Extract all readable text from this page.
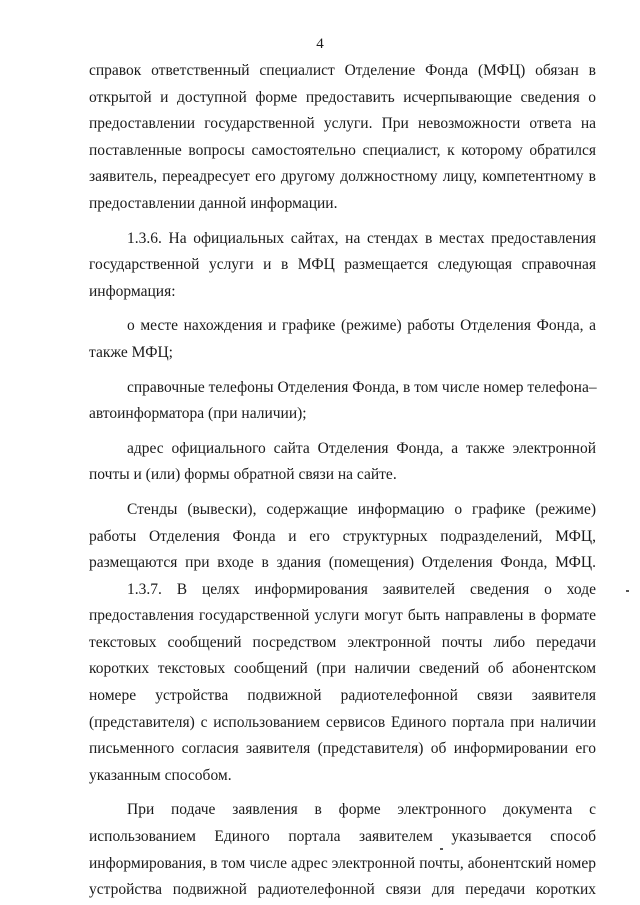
4
справок ответственный специалист Отделение Фонда (МФЦ) обязан в
открытой и доступной форме предоставить исчерпывающие сведения о
предоставлении государственной услуги. При невозможности ответа на
поставленные вопросы самостоятельно специалист, к которому обратился
заявитель, переадресует его другому должностному лицу, компетентному в
предоставлении данной информации.
1.3.6. На официальных сайтах, на стендах в местах предоставления
государственной услуги и в МФЦ размещается следующая справочная
информация:
о месте нахождения и графике (режиме) работы Отделения Фонда, а
также МФЦ;
справочные телефоны Отделения Фонда, в том числе номер телефона–
автоинформатора (при наличии);
адрес официального сайта Отделения Фонда, а также электронной
почты и (или) формы обратной связи на сайте.
Стенды (вывески), содержащие информацию о графике (режиме)
работы Отделения Фонда и его структурных подразделений, МФЦ,
размещаются при входе в здания (помещения) Отделения Фонда, МФЦ.
1.3.7. В целях информирования заявителей сведения о ходе
предоставления государственной услуги могут быть направлены в формате
текстовых сообщений посредством электронной почты либо передачи
коротких текстовых сообщений (при наличии сведений об абонентском
номере устройства подвижной радиотелефонной связи заявителя
(представителя) с использованием сервисов Единого портала при наличии
письменного согласия заявителя (представителя) об информировании его
указанным способом.
При подаче заявления в форме электронного документа с
использованием Единого портала заявителем указывается способ
информирования, в том числе адрес электронной почты, абонентский номер
устройства подвижной радиотелефонной связи для передачи коротких
